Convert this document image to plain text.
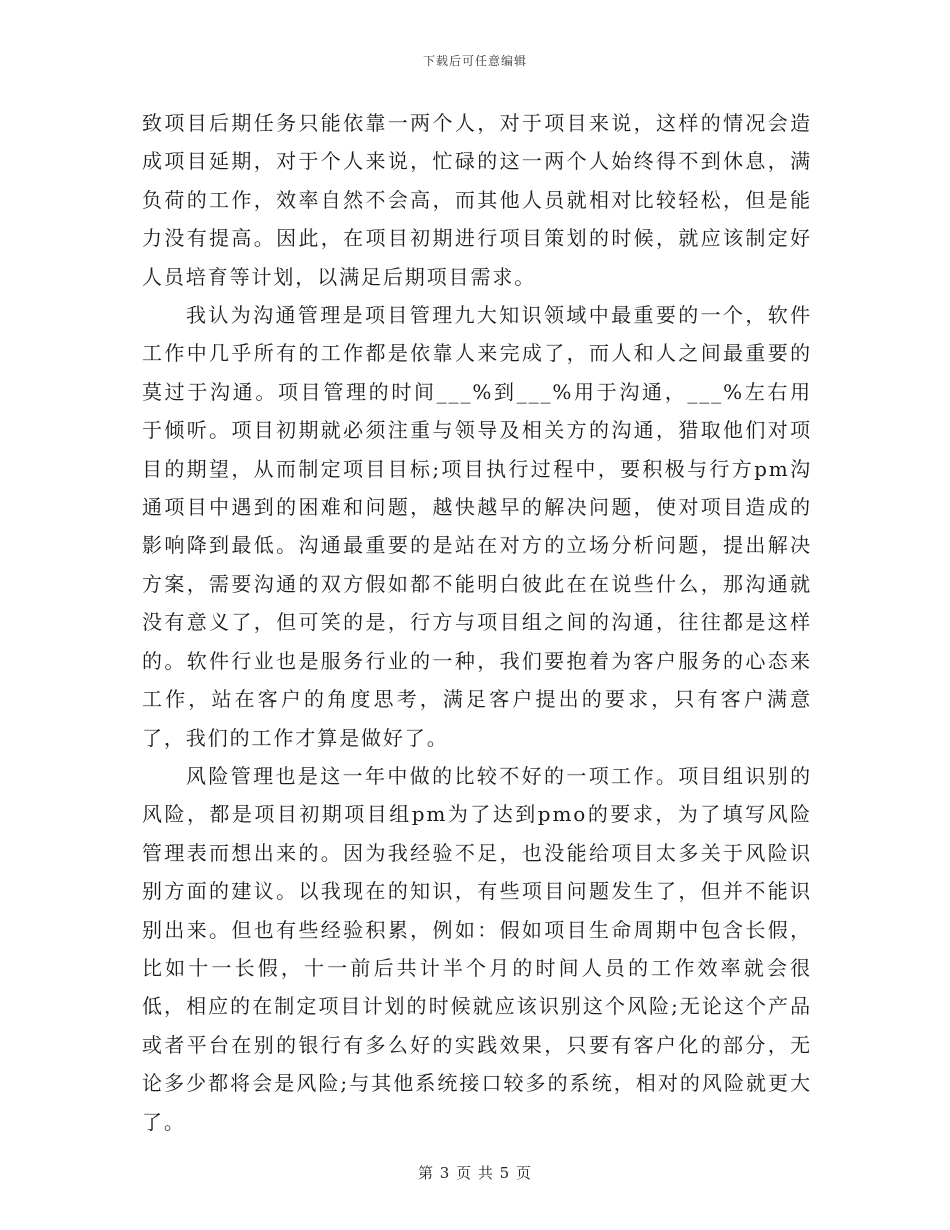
下载后可任意编辑

致项目后期任务只能依靠一两个人，对于项目来说，这样的情况会造成项目延期，对于个人来说，忙碌的这一两个人始终得不到休息，满负荷的工作，效率自然不会高，而其他人员就相对比较轻松，但是能力没有提高。因此，在项目初期进行项目策划的时候，就应该制定好人员培育等计划，以满足后期项目需求。

我认为沟通管理是项目管理九大知识领域中最重要的一个，软件工作中几乎所有的工作都是依靠人来完成了，而人和人之间最重要的莫过于沟通。项目管理的时间___%到___%用于沟通，___%左右用于倾听。项目初期就必须注重与领导及相关方的沟通，猎取他们对项目的期望，从而制定项目目标;项目执行过程中，要积极与行方pm沟通项目中遇到的困难和问题，越快越早的解决问题，使对项目造成的影响降到最低。沟通最重要的是站在对方的立场分析问题，提出解决方案，需要沟通的双方假如都不能明白彼此在在说些什么，那沟通就没有意义了，但可笑的是，行方与项目组之间的沟通，往往都是这样的。软件行业也是服务行业的一种，我们要抱着为客户服务的心态来工作，站在客户的角度思考，满足客户提出的要求，只有客户满意了，我们的工作才算是做好了。

风险管理也是这一年中做的比较不好的一项工作。项目组识别的风险，都是项目初期项目组pm为了达到pmo的要求，为了填写风险管理表而想出来的。因为我经验不足，也没能给项目太多关于风险识别方面的建议。以我现在的知识，有些项目问题发生了，但并不能识别出来。但也有些经验积累，例如：假如项目生命周期中包含长假，比如十一长假，十一前后共计半个月的时间人员的工作效率就会很低，相应的在制定项目计划的时候就应该识别这个风险;无论这个产品或者平台在别的银行有多么好的实践效果，只要有客户化的部分，无论多少都将会是风险;与其他系统接口较多的系统，相对的风险就更大了。

第 3 页 共 5 页
